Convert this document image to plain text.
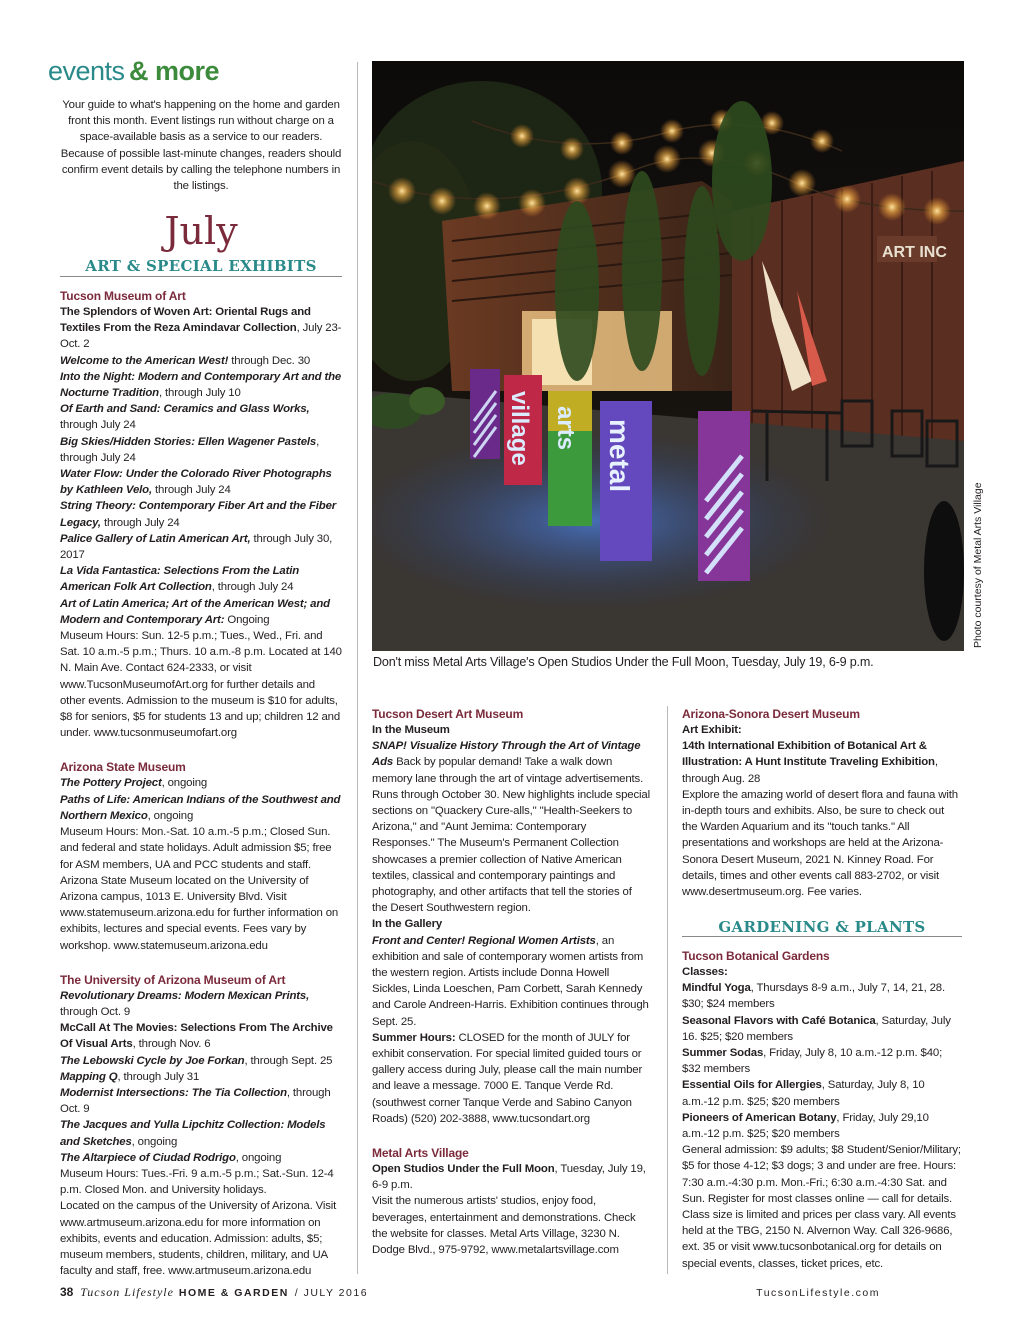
events & more
Your guide to what's happening on the home and garden front this month. Event listings run without charge on a space-available basis as a service to our readers. Because of possible last-minute changes, readers should confirm event details by calling the telephone numbers in the listings.
July
ART & SPECIAL EXHIBITS

Tucson Museum of Art

The Splendors of Woven Art: Oriental Rugs and Textiles From the Reza Amindavar Collection, July 23-Oct. 2

Welcome to the American West! through Dec. 30

Into the Night: Modern and Contemporary Art and the Nocturne Tradition, through July 10

Of Earth and Sand: Ceramics and Glass Works, through July 24

Big Skies/Hidden Stories: Ellen Wagener Pastels, through July 24

Water Flow: Under the Colorado River Photographs by Kathleen Velo, through July 24

String Theory: Contemporary Fiber Art and the Fiber Legacy, through July 24

Palice Gallery of Latin American Art, through July 30, 2017

La Vida Fantastica: Selections From the Latin American Folk Art Collection, through July 24

Art of Latin America; Art of the American West; and Modern and Contemporary Art: Ongoing

Museum Hours: Sun. 12-5 p.m.; Tues., Wed., Fri. and Sat. 10 a.m.-5 p.m.; Thurs. 10 a.m.-8 p.m. Located at 140 N. Main Ave. Contact 624-2333, or visit www.TucsonMuseumofArt.org for further details and other events. Admission to the museum is $10 for adults, $8 for seniors, $5 for students 13 and up; children 12 and under. www.tucsonmuseumofart.org

Arizona State Museum

The Pottery Project, ongoing

Paths of Life: American Indians of the Southwest and Northern Mexico, ongoing

Museum Hours: Mon.-Sat. 10 a.m.-5 p.m.; Closed Sun. and federal and state holidays. Adult admission $5; free for ASM members, UA and PCC students and staff. Arizona State Museum located on the University of Arizona campus, 1013 E. University Blvd. Visit www.statemuseum.arizona.edu for further information on exhibits, lectures and special events. Fees vary by workshop. www.statemuseum.arizona.edu

The University of Arizona Museum of Art

Revolutionary Dreams: Modern Mexican Prints, through Oct. 9

McCall At The Movies: Selections From The Archive Of Visual Arts, through Nov. 6

The Lebowski Cycle by Joe Forkan, through Sept. 25

Mapping Q, through July 31

Modernist Intersections: The Tia Collection, through Oct. 9

The Jacques and Yulla Lipchitz Collection: Models and Sketches, ongoing

The Altarpiece of Ciudad Rodrigo, ongoing

Museum Hours: Tues.-Fri. 9 a.m.-5 p.m.; Sat.-Sun. 12-4 p.m. Closed Mon. and University holidays.

Located on the campus of the University of Arizona. Visit www.artmuseum.arizona.edu for more information on exhibits, events and education. Admission: adults, $5; museum members, students, children, military, and UA faculty and staff, free. www.artmuseum.arizona.edu

ART INC
village arts metal
Photo courtesy of Metal Arts Village
Don't miss Metal Arts Village's Open Studios Under the Full Moon, Tuesday, July 19, 6-9 p.m.

Tucson Desert Art Museum

In the Museum

SNAP! Visualize History Through the Art of Vintage Ads Back by popular demand! Take a walk down memory lane through the art of vintage advertisements. Runs through October 30. New highlights include special sections on "Quackery Cure-alls," "Health-Seekers to Arizona," and "Aunt Jemima: Contemporary Responses." The Museum's Permanent Collection showcases a premier collection of Native American textiles, classical and contemporary paintings and photography, and other artifacts that tell the stories of the Desert Southwestern region.

In the Gallery

Front and Center! Regional Women Artists, an exhibition and sale of contemporary women artists from the western region. Artists include Donna Howell Sickles, Linda Loeschen, Pam Corbett, Sarah Kennedy and Carole Andreen-Harris. Exhibition continues through Sept. 25.

Summer Hours: CLOSED for the month of JULY for exhibit conservation. For special limited guided tours or gallery access during July, please call the main number and leave a message. 7000 E. Tanque Verde Rd. (southwest corner Tanque Verde and Sabino Canyon Roads) (520) 202-3888, www.tucsondart.org

Metal Arts Village

Open Studios Under the Full Moon, Tuesday, July 19, 6-9 p.m.

Visit the numerous artists' studios, enjoy food, beverages, entertainment and demonstrations. Check the website for classes. Metal Arts Village, 3230 N. Dodge Blvd., 975-9792, www.metalartsvillage.com

Arizona-Sonora Desert Museum

Art Exhibit:

14th International Exhibition of Botanical Art & Illustration: A Hunt Institute Traveling Exhibition, through Aug. 28

Explore the amazing world of desert flora and fauna with in-depth tours and exhibits. Also, be sure to check out the Warden Aquarium and its "touch tanks." All presentations and workshops are held at the Arizona-Sonora Desert Museum, 2021 N. Kinney Road. For details, times and other events call 883-2702, or visit www.desertmuseum.org. Fee varies.

GARDENING & PLANTS

Tucson Botanical Gardens

Classes:

Mindful Yoga, Thursdays 8-9 a.m., July 7, 14, 21, 28. $30; $24 members

Seasonal Flavors with Café Botanica, Saturday, July 16. $25; $20 members

Summer Sodas, Friday, July 8, 10 a.m.-12 p.m. $40; $32 members

Essential Oils for Allergies, Saturday, July 8, 10 a.m.-12 p.m. $25; $20 members

Pioneers of American Botany, Friday, July 29,10 a.m.-12 p.m. $25; $20 members

General admission: $9 adults; $8 Student/Senior/Military; $5 for those 4-12; $3 dogs; 3 and under are free. Hours: 7:30 a.m.-4:30 p.m. Mon.-Fri.; 6:30 a.m.-4:30 Sat. and Sun. Register for most classes online — call for details. Class size is limited and prices per class vary. All events held at the TBG, 2150 N. Alvernon Way. Call 326-9686, ext. 35 or visit www.tucsonbotanical.org for details on special events, classes, ticket prices, etc.

38 Tucson Lifestyle HOME & GARDEN / JULY 2016	TucsonLifestyle.com
